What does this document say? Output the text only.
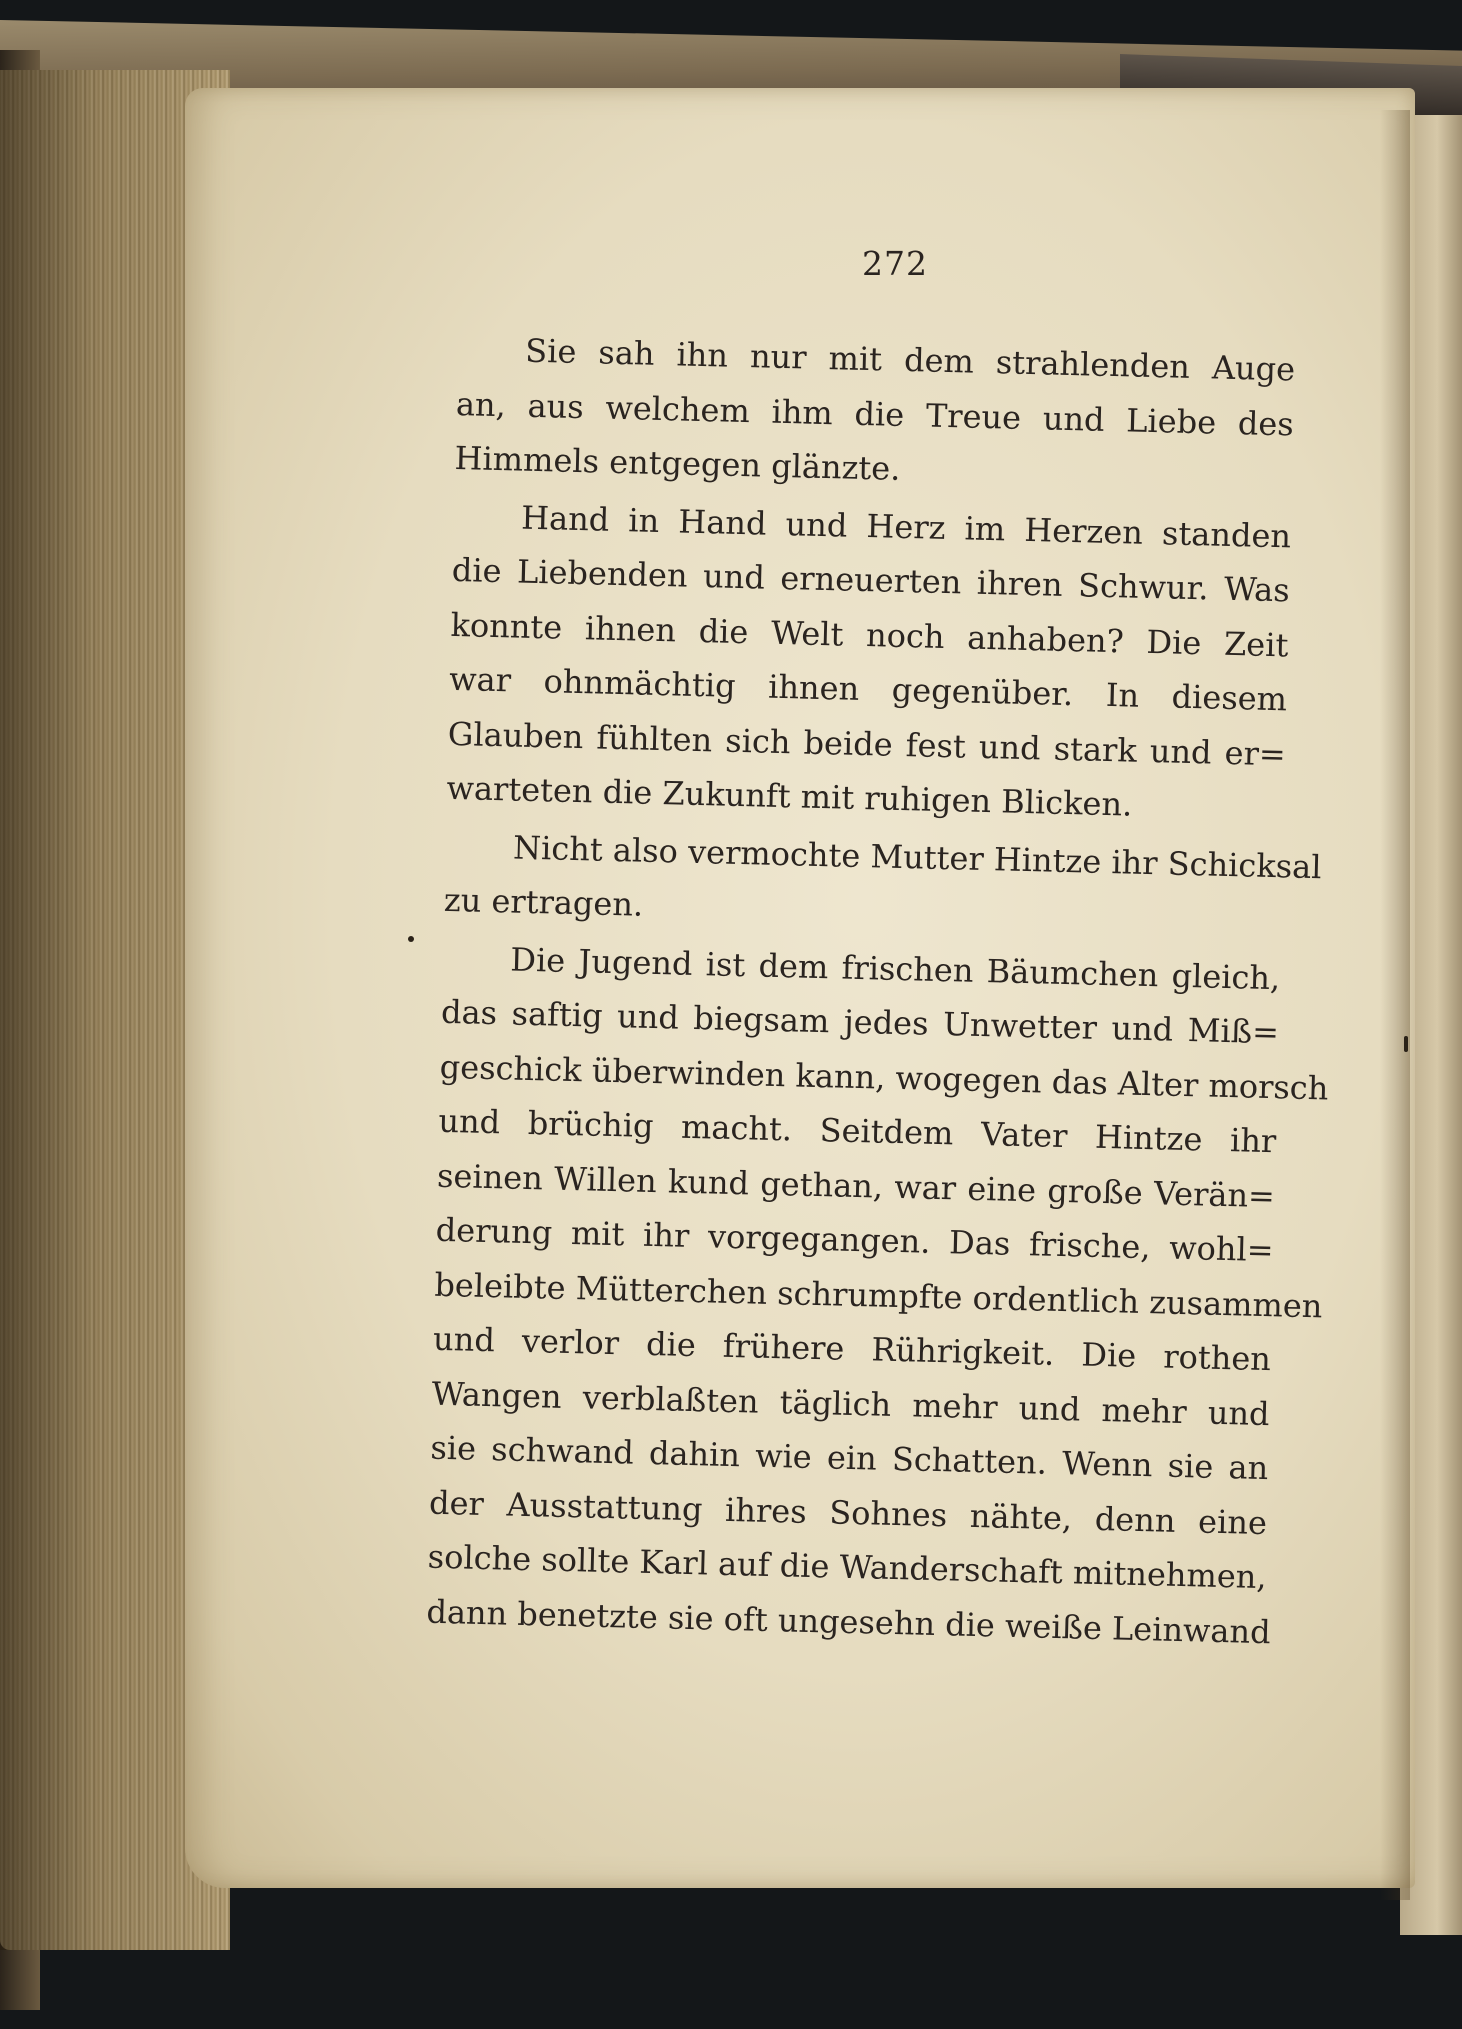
272
Sie sah ihn nur mit dem strahlenden Auge
an, aus welchem ihm die Treue und Liebe des
Himmels entgegen glänzte.
Hand in Hand und Herz im Herzen standen
die Liebenden und erneuerten ihren Schwur. Was
konnte ihnen die Welt noch anhaben? Die Zeit
war ohnmächtig ihnen gegenüber. In diesem
Glauben fühlten sich beide fest und stark und er=
warteten die Zukunft mit ruhigen Blicken.
Nicht also vermochte Mutter Hintze ihr Schicksal
zu ertragen.
Die Jugend ist dem frischen Bäumchen gleich,
das saftig und biegsam jedes Unwetter und Miß=
geschick überwinden kann, wogegen das Alter morsch
und brüchig macht. Seitdem Vater Hintze ihr
seinen Willen kund gethan, war eine große Verän=
derung mit ihr vorgegangen. Das frische, wohl=
beleibte Mütterchen schrumpfte ordentlich zusammen
und verlor die frühere Rührigkeit. Die rothen
Wangen verblaßten täglich mehr und mehr und
sie schwand dahin wie ein Schatten. Wenn sie an
der Ausstattung ihres Sohnes nähte, denn eine
solche sollte Karl auf die Wanderschaft mitnehmen,
dann benetzte sie oft ungesehn die weiße Leinwand
